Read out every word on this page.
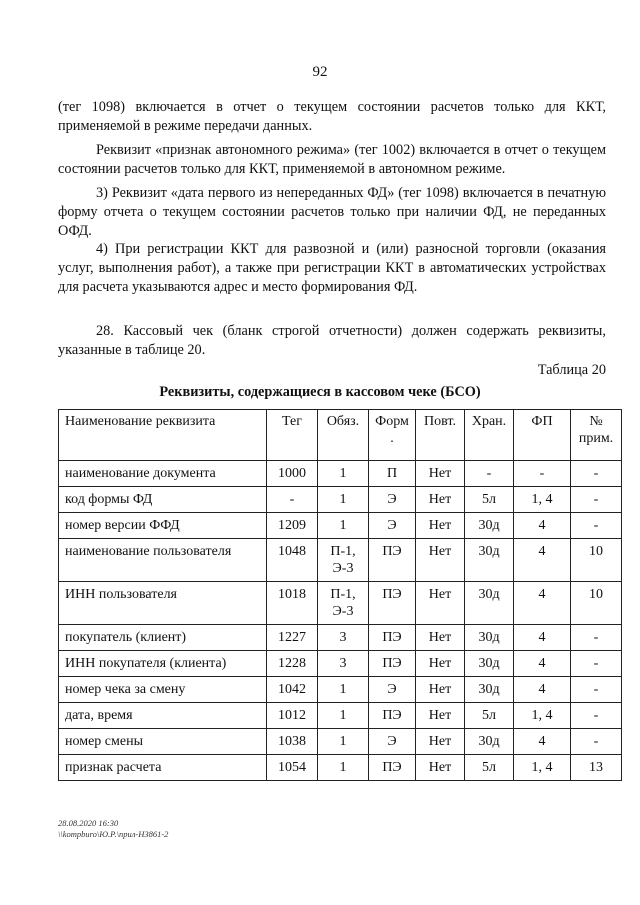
92

(тег 1098) включается в отчет о текущем состоянии расчетов только для ККТ, применяемой в режиме передачи данных.

Реквизит «признак автономного режима» (тег 1002) включается в отчет о текущем состоянии расчетов только для ККТ, применяемой в автономном режиме.

3) Реквизит «дата первого из непереданных ФД» (тег 1098) включается в печатную форму отчета о текущем состоянии расчетов только при наличии ФД, не переданных ОФД.

4) При регистрации ККТ для развозной и (или) разносной торговли (оказания услуг, выполнения работ), а также при регистрации ККТ в автоматических устройствах для расчета указываются адрес и место формирования ФД.

28. Кассовый чек (бланк строгой отчетности) должен содержать реквизиты, указанные в таблице 20.

Таблица 20
Реквизиты, содержащиеся в кассовом чеке (БСО)
Наименование реквизита	Тег	Обяз.	Форм .	Повт.	Хран.	ФП	№ прим.
наименование документа	1000	1	П	Нет	-	-	-
код формы ФД	-	1	Э	Нет	5л	1, 4	-
номер версии ФФД	1209	1	Э	Нет	30д	4	-
наименование пользователя	1048	П-1, Э-3	ПЭ	Нет	30д	4	10
ИНН пользователя	1018	П-1, Э-3	ПЭ	Нет	30д	4	10
покупатель (клиент)	1227	3	ПЭ	Нет	30д	4	-
ИНН покупателя (клиента)	1228	3	ПЭ	Нет	30д	4	-
номер чека за смену	1042	1	Э	Нет	30д	4	-
дата, время	1012	1	ПЭ	Нет	5л	1, 4	-
номер смены	1038	1	Э	Нет	30д	4	-
признак расчета	1054	1	ПЭ	Нет	5л	1, 4	13
28.08.2020 16:30
\\kompburo\Ю.Р.\прил-НЗ861-2
